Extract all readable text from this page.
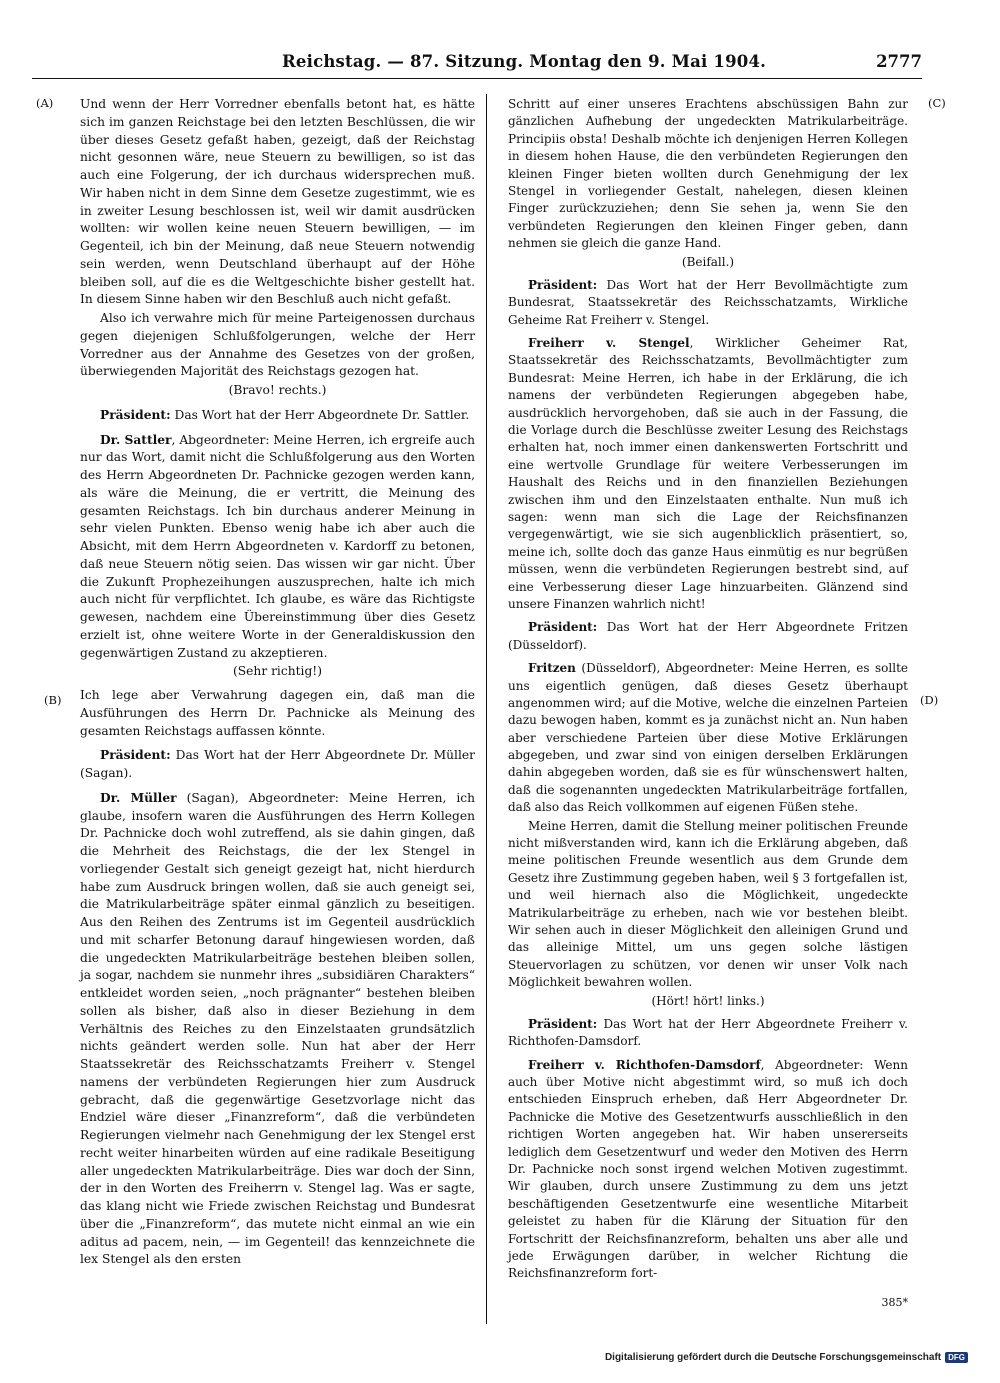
Reichstag. — 87. Sitzung. Montag den 9. Mai 1904.	2777
(A)
(B)
(C)
(D)

Und wenn der Herr Vorredner ebenfalls betont hat, es hätte sich im ganzen Reichstage bei den letzten Beschlüssen, die wir über dieses Gesetz gefaßt haben, gezeigt, daß der Reichstag nicht gesonnen wäre, neue Steuern zu bewilligen, so ist das auch eine Folgerung, der ich durchaus widersprechen muß. Wir haben nicht in dem Sinne dem Gesetze zugestimmt, wie es in zweiter Lesung beschlossen ist, weil wir damit ausdrücken wollten: wir wollen keine neuen Steuern bewilligen, — im Gegenteil, ich bin der Meinung, daß neue Steuern notwendig sein werden, wenn Deutschland überhaupt auf der Höhe bleiben soll, auf die es die Weltgeschichte bisher gestellt hat. In diesem Sinne haben wir den Beschluß auch nicht gefaßt.

Also ich verwahre mich für meine Parteigenossen durchaus gegen diejenigen Schlußfolgerungen, welche der Herr Vorredner aus der Annahme des Gesetzes von der großen, überwiegenden Majorität des Reichstags gezogen hat.

(Bravo! rechts.)

Präsident: Das Wort hat der Herr Abgeordnete Dr. Sattler.

Dr. Sattler, Abgeordneter: Meine Herren, ich ergreife auch nur das Wort, damit nicht die Schlußfolgerung aus den Worten des Herrn Abgeordneten Dr. Pachnicke gezogen werden kann, als wäre die Meinung, die er vertritt, die Meinung des gesamten Reichstags. Ich bin durchaus anderer Meinung in sehr vielen Punkten. Ebenso wenig habe ich aber auch die Absicht, mit dem Herrn Abgeordneten v. Kardorff zu betonen, daß neue Steuern nötig seien. Das wissen wir gar nicht. Über die Zukunft Prophezeihungen auszusprechen, halte ich mich auch nicht für verpflichtet. Ich glaube, es wäre das Richtigste gewesen, nachdem eine Übereinstimmung über dies Gesetz erzielt ist, ohne weitere Worte in der Generaldiskussion den gegenwärtigen Zustand zu akzeptieren.

(Sehr richtig!)

Ich lege aber Verwahrung dagegen ein, daß man die Ausführungen des Herrn Dr. Pachnicke als Meinung des gesamten Reichstags auffassen könnte.

Präsident: Das Wort hat der Herr Abgeordnete Dr. Müller (Sagan).

Dr. Müller (Sagan), Abgeordneter: Meine Herren, ich glaube, insofern waren die Ausführungen des Herrn Kollegen Dr. Pachnicke doch wohl zutreffend, als sie dahin gingen, daß die Mehrheit des Reichstags, die der lex Stengel in vorliegender Gestalt sich geneigt gezeigt hat, nicht hierdurch habe zum Ausdruck bringen wollen, daß sie auch geneigt sei, die Matrikularbeiträge später einmal gänzlich zu beseitigen. Aus den Reihen des Zentrums ist im Gegenteil ausdrücklich und mit scharfer Betonung darauf hingewiesen worden, daß die ungedeckten Matrikularbeiträge bestehen bleiben sollen, ja sogar, nachdem sie nunmehr ihres „subsidiären Charakters“ entkleidet worden seien, „noch prägnanter“ bestehen bleiben sollen als bisher, daß also in dieser Beziehung in dem Verhältnis des Reiches zu den Einzelstaaten grundsätzlich nichts geändert werden solle. Nun hat aber der Herr Staatssekretär des Reichsschatzamts Freiherr v. Stengel namens der verbündeten Regierungen hier zum Ausdruck gebracht, daß die gegenwärtige Gesetzvorlage nicht das Endziel wäre dieser „Finanzreform“, daß die verbündeten Regierungen vielmehr nach Genehmigung der lex Stengel erst recht weiter hinarbeiten würden auf eine radikale Beseitigung aller ungedeckten Matrikularbeiträge. Dies war doch der Sinn, der in den Worten des Freiherrn v. Stengel lag. Was er sagte, das klang nicht wie Friede zwischen Reichstag und Bundesrat über die „Finanzreform“, das mutete nicht einmal an wie ein aditus ad pacem, nein, — im Gegenteil! das kennzeichnete die lex Stengel als den ersten

Schritt auf einer unseres Erachtens abschüssigen Bahn zur gänzlichen Aufhebung der ungedeckten Matrikularbeiträge. Principiis obsta! Deshalb möchte ich denjenigen Herren Kollegen in diesem hohen Hause, die den verbündeten Regierungen den kleinen Finger bieten wollten durch Genehmigung der lex Stengel in vorliegender Gestalt, nahelegen, diesen kleinen Finger zurückzuziehen; denn Sie sehen ja, wenn Sie den verbündeten Regierungen den kleinen Finger geben, dann nehmen sie gleich die ganze Hand.

(Beifall.)

Präsident: Das Wort hat der Herr Bevollmächtigte zum Bundesrat, Staatssekretär des Reichsschatzamts, Wirkliche Geheime Rat Freiherr v. Stengel.

Freiherr v. Stengel, Wirklicher Geheimer Rat, Staatssekretär des Reichsschatzamts, Bevollmächtigter zum Bundesrat: Meine Herren, ich habe in der Erklärung, die ich namens der verbündeten Regierungen abgegeben habe, ausdrücklich hervorgehoben, daß sie auch in der Fassung, die die Vorlage durch die Beschlüsse zweiter Lesung des Reichstags erhalten hat, noch immer einen dankenswerten Fortschritt und eine wertvolle Grundlage für weitere Verbesserungen im Haushalt des Reichs und in den finanziellen Beziehungen zwischen ihm und den Einzelstaaten enthalte. Nun muß ich sagen: wenn man sich die Lage der Reichsfinanzen vergegenwärtigt, wie sie sich augenblicklich präsentiert, so, meine ich, sollte doch das ganze Haus einmütig es nur begrüßen müssen, wenn die verbündeten Regierungen bestrebt sind, auf eine Verbesserung dieser Lage hinzuarbeiten. Glänzend sind unsere Finanzen wahrlich nicht!

Präsident: Das Wort hat der Herr Abgeordnete Fritzen (Düsseldorf).

Fritzen (Düsseldorf), Abgeordneter: Meine Herren, es sollte uns eigentlich genügen, daß dieses Gesetz überhaupt angenommen wird; auf die Motive, welche die einzelnen Parteien dazu bewogen haben, kommt es ja zunächst nicht an. Nun haben aber verschiedene Parteien über diese Motive Erklärungen abgegeben, und zwar sind von einigen derselben Erklärungen dahin abgegeben worden, daß sie es für wünschenswert halten, daß die sogenannten ungedeckten Matrikularbeiträge fortfallen, daß also das Reich vollkommen auf eigenen Füßen stehe.

Meine Herren, damit die Stellung meiner politischen Freunde nicht mißverstanden wird, kann ich die Erklärung abgeben, daß meine politischen Freunde wesentlich aus dem Grunde dem Gesetz ihre Zustimmung gegeben haben, weil § 3 fortgefallen ist, und weil hiernach also die Möglichkeit, ungedeckte Matrikularbeiträge zu erheben, nach wie vor bestehen bleibt. Wir sehen auch in dieser Möglichkeit den alleinigen Grund und das alleinige Mittel, um uns gegen solche lästigen Steuervorlagen zu schützen, vor denen wir unser Volk nach Möglichkeit bewahren wollen.

(Hört! hört! links.)

Präsident: Das Wort hat der Herr Abgeordnete Freiherr v. Richthofen-Damsdorf.

Freiherr v. Richthofen-Damsdorf, Abgeordneter: Wenn auch über Motive nicht abgestimmt wird, so muß ich doch entschieden Einspruch erheben, daß Herr Abgeordneter Dr. Pachnicke die Motive des Gesetzentwurfs ausschließlich in den richtigen Worten angegeben hat. Wir haben unsererseits lediglich dem Gesetzentwurf und weder den Motiven des Herrn Dr. Pachnicke noch sonst irgend welchen Motiven zugestimmt. Wir glauben, durch unsere Zustimmung zu dem uns jetzt beschäftigenden Gesetzentwurfe eine wesentliche Mitarbeit geleistet zu haben für die Klärung der Situation für den Fortschritt der Reichsfinanzreform, behalten uns aber alle und jede Erwägungen darüber, in welcher Richtung die Reichsfinanzreform fort-

385*
Digitalisierung gefördert durch die Deutsche Forschungsgemeinschaft DFG
